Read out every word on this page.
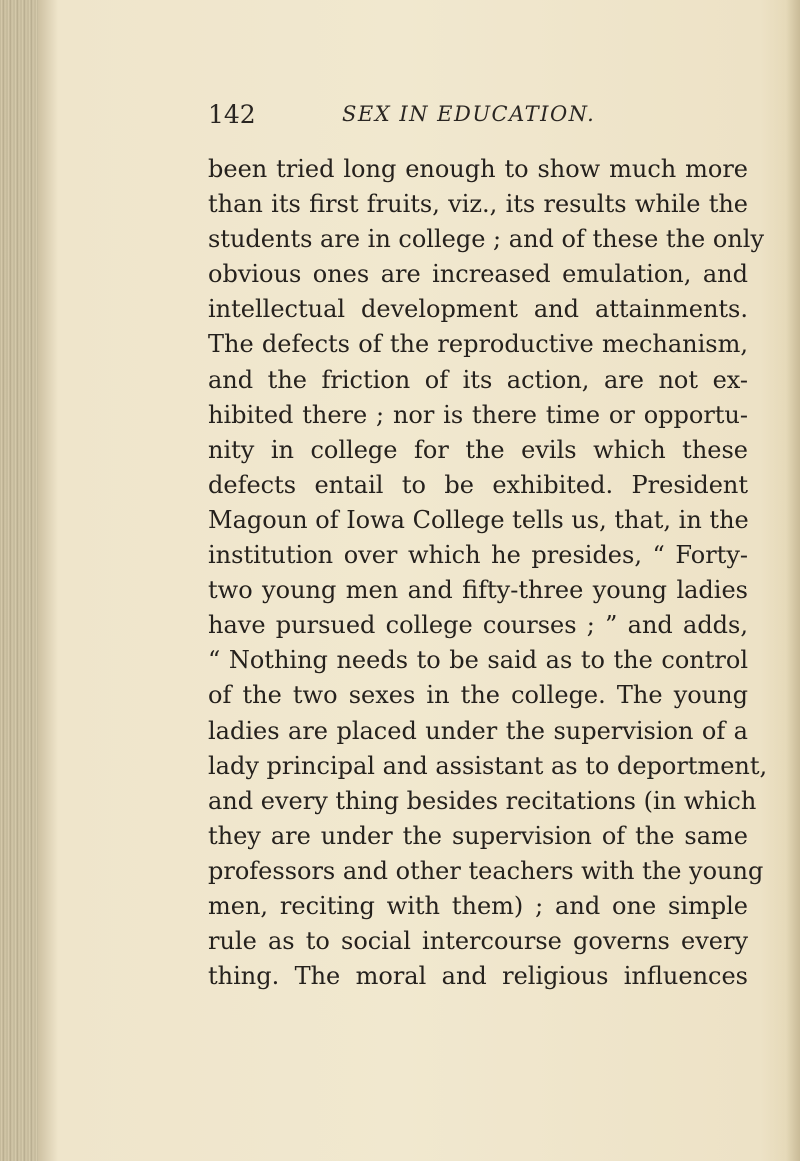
142	SEX IN EDUCATION.
been tried long enough to show much more
than its first fruits, viz., its results while the
students are in college ; and of these the only
obvious ones are increased emulation, and
intellectual development and attainments.
The defects of the reproductive mechanism,
and the friction of its action, are not ex-
hibited there ; nor is there time or opportu-
nity in college for the evils which these
defects entail to be exhibited. President
Magoun of Iowa College tells us, that, in the
institution over which he presides, “ Forty-
two young men and fifty-three young ladies
have pursued college courses ; ” and adds,
“ Nothing needs to be said as to the control
of the two sexes in the college. The young
ladies are placed under the supervision of a
lady principal and assistant as to deportment,
and every thing besides recitations (in which
they are under the supervision of the same
professors and other teachers with the young
men, reciting with them) ; and one simple
rule as to social intercourse governs every
thing. The moral and religious influences
